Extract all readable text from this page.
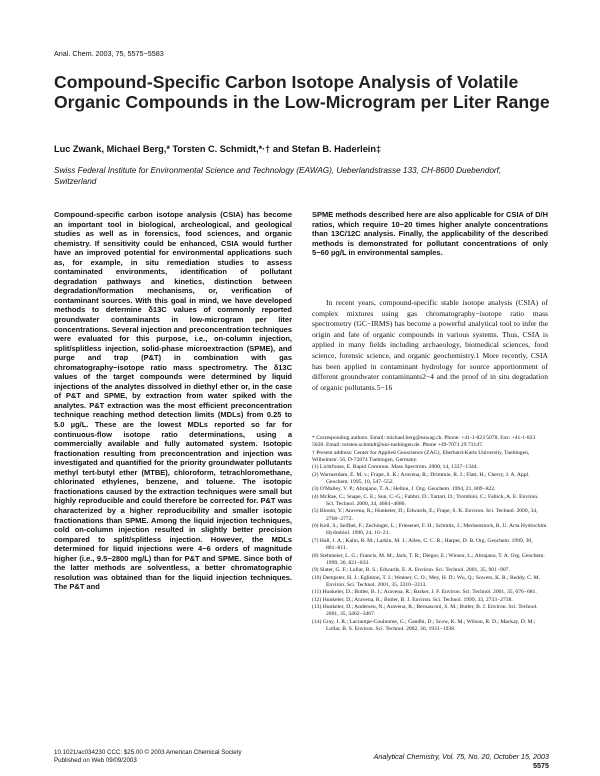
Anal. Chem. 2003, 75, 5575−5583
Compound-Specific Carbon Isotope Analysis of Volatile Organic Compounds in the Low-Microgram per Liter Range
Luc Zwank, Michael Berg,* Torsten C. Schmidt,*·† and Stefan B. Haderlein‡
Swiss Federal Institute for Environmental Science and Technology (EAWAG), Ueberlandstrasse 133, CH-8600 Duebendorf, Switzerland
Compound-specific carbon isotope analysis (CSIA) has become an important tool in biological, archeological, and geological studies as well as in forensics, food sciences, and organic chemistry. If sensitivity could be enhanced, CSIA would further have an improved potential for environmental applications such as, for example, in situ remediation studies to assess contaminated environments, identification of pollutant degradation pathways and kinetics, distinction between degradation/formation mechanisms, or, verification of contaminant sources. With this goal in mind, we have developed methods to determine δ13C values of commonly reported groundwater contaminants in low-microgram per liter concentrations. Several injection and preconcentration techniques were evaluated for this purpose, i.e., on-column injection, split/splitless injection, solid-phase microextraction (SPME), and purge and trap (P&T) in combination with gas chromatography−isotope ratio mass spectrometry. The δ13C values of the target compounds were determined by liquid injections of the analytes dissolved in diethyl ether or, in the case of P&T and SPME, by extraction from water spiked with the analytes. P&T extraction was the most efficient preconcentration technique reaching method detection limits (MDLs) from 0.25 to 5.0 µg/L. These are the lowest MDLs reported so far for continuous-flow isotope ratio determinations, using a commercially available and fully automated system. Isotopic fractionation resulting from preconcentration and injection was investigated and quantified for the priority groundwater pollutants methyl tert-butyl ether (MTBE), chloroform, tetrachloromethane, chlorinated ethylenes, benzene, and toluene. The isotopic fractionations caused by the extraction techniques were small but highly reproducible and could therefore be corrected for. P&T was characterized by a higher reproducibility and smaller isotopic fractionations than SPME. Among the liquid injection techniques, cold on-column injection resulted in slightly better precision compared to split/splitless injection. However, the MDLs determined for liquid injections were 4−6 orders of magnitude higher (i.e., 9.5−2800 mg/L) than for P&T and SPME. Since both of the latter methods are solventless, a better chromatographic resolution was obtained than for the liquid injection techniques. The P&T and
SPME methods described here are also applicable for CSIA of D/H ratios, which require 10−20 times higher analyte concentrations than 13C/12C analysis. Finally, the applicability of the described methods is demonstrated for pollutant concentrations of only 5−60 µg/L in environmental samples.

In recent years, compound-specific stable isotope analysis (CSIA) of complex mixtures using gas chromatography−isotope ratio mass spectrometry (GC−IRMS) has become a powerful analytical tool to infer the origin and fate of organic compounds in various systems. Thus, CSIA is applied in many fields including archaeology, biomedical sciences, food science, forensic science, and organic geochemistry.1 More recently, CSIA has been applied in contaminant hydrology for source apportionment of different groundwater contaminants2−4 and the proof of in situ degradation of organic pollutants.5−16

* Corresponding authors. Email: michael.berg@eawag.ch. Phone: +41-1-823 5078. Fax: +41-1-823 5028. Email: torsten.schmidt@uni-tuebingen.de. Phone +49-7071 29 73147.

† Present address: Center for Applied Geoscience (ZAG), Eberhard-Karls University, Tuebingen, Wilhelmstr. 56, D-72074 Tuebingen, Germany.

(1) Lichtfouse, E. Rapid Commun. Mass Spectrom. 2000, 14, 1337−1344.

(2) Warmerdam, E. M. v.; Frape, S. K.; Aravena, R.; Drimmie, R. J.; Flatt, H.; Cherry, J. A. Appl. Geochem. 1995, 10, 547−552.

(3) O'Malley, V. P.; Abrajano, T. A.; Hellou, J. Org. Geochem. 1994, 21, 809−822.

(4) McRae, C.; Snape, C. E.; Sun, C.-G.; Fabbri, D.; Tartari, D.; Trombini, C.; Fallick, A. E. Environ. Sci. Technol. 2000, 34, 4684−4686.

(5) Bloom, Y.; Aravena, R.; Hunkeler, D.; Edwards, E.; Frape, S. K. Environ. Sci. Technol. 2000, 34, 2768−2772.

(6) Keil, S.; Seifhel, F.; Zechinger, L.; Friesenel, F. H.; Schmitz, J.; Meckenstock, R. U. Acta Hydrochim. Hydrobiol. 1996, 24, 16−21.

(7) Hall, J. A.; Kalin, R. M.; Larkin, M. J.; Allen, C. C. R.; Harper, D. B. Org. Geochem. 1999, 30, 801−811.

(8) Stehmeier, L. G.; Francis, M. M.; Jack, T. R.; Diegor, E.; Winsor, L.; Abrajano, T. A. Org. Geochem. 1999, 30, 821−833.

(9) Slater, G. F.; Lollar, B. S.; Edwards, E. A. Environ. Sci. Technol. 2001, 35, 901−907.

(10) Dempster, H. J.; Eglinton, T. I.; Wenner, C. O.; Mey, H. D.; Wu, Q.; Sowers, K. R.; Reddy, C. M. Environ. Sci. Technol. 2001, 35, 3310−3313.

(11) Hunkeler, D.; Butler, B. J.; Aravena, R.; Barker, J. F. Environ. Sci. Technol. 2001, 35, 676−681.

(12) Hunkeler, D.; Aravena, R.; Butler, B. J. Environ. Sci. Technol. 1999, 33, 2733−2738.

(13) Hunkeler, D.; Andersen, N.; Aravena, R.; Bernasconi, S. M.; Butler, B. J. Environ. Sci. Technol. 2001, 35, 3462−3467.

(14) Gray, J. R.; Lacrampe-Couloume, G.; Gandhi, D.; Scow, K. M.; Wilson, R. D.; Mackay, D. M.; Lollar, B. S. Environ. Sci. Technol. 2002, 36, 1931−1938.

10.1021/ac034230 CCC: $25.00 © 2003 American Chemical Society
Published on Web 09/09/2003	Analytical Chemistry, Vol. 75, No. 20, October 15, 2003   5575
